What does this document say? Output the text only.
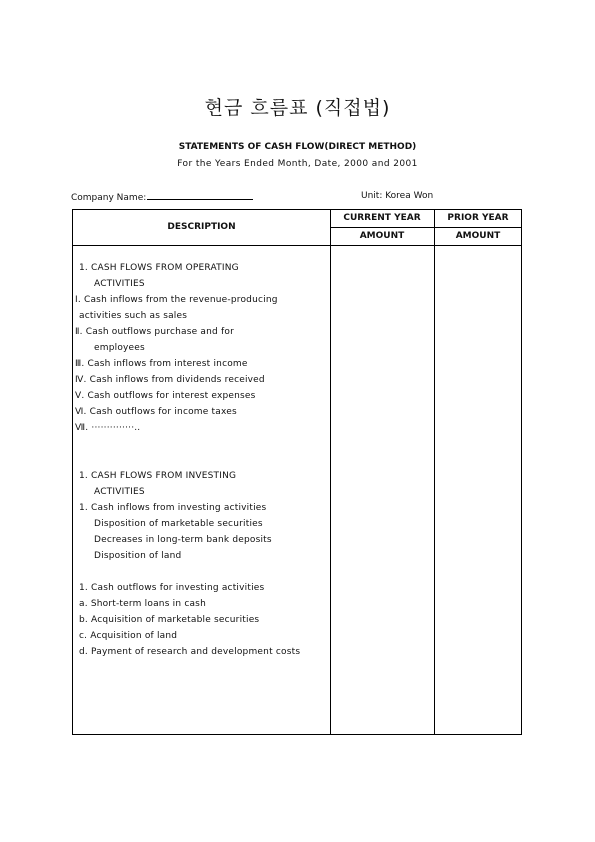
현금 흐름표 (직접법)
STATEMENTS OF CASH FLOW(DIRECT METHOD)
For the Years Ended Month, Date, 2000 and 2001
Company Name:	Unit: Korea Won
DESCRIPTION
CURRENT YEAR	PRIOR YEAR
AMOUNT	AMOUNT
1. CASH FLOWS FROM OPERATING
ACTIVITIES
Ⅰ. Cash inflows from the revenue-producing
activities such as sales
Ⅱ. Cash outflows purchase and for
employees
Ⅲ. Cash inflows from interest income
Ⅳ. Cash inflows from dividends received
Ⅴ. Cash outflows for interest expenses
Ⅵ. Cash outflows for income taxes
Ⅶ. ··············..
1. CASH FLOWS FROM INVESTING
ACTIVITIES
1. Cash inflows from investing activities
Disposition of marketable securities
Decreases in long-term bank deposits
Disposition of land
1. Cash outflows for investing activities
a. Short-term loans in cash
b. Acquisition of marketable securities
c. Acquisition of land
d. Payment of research and development costs
